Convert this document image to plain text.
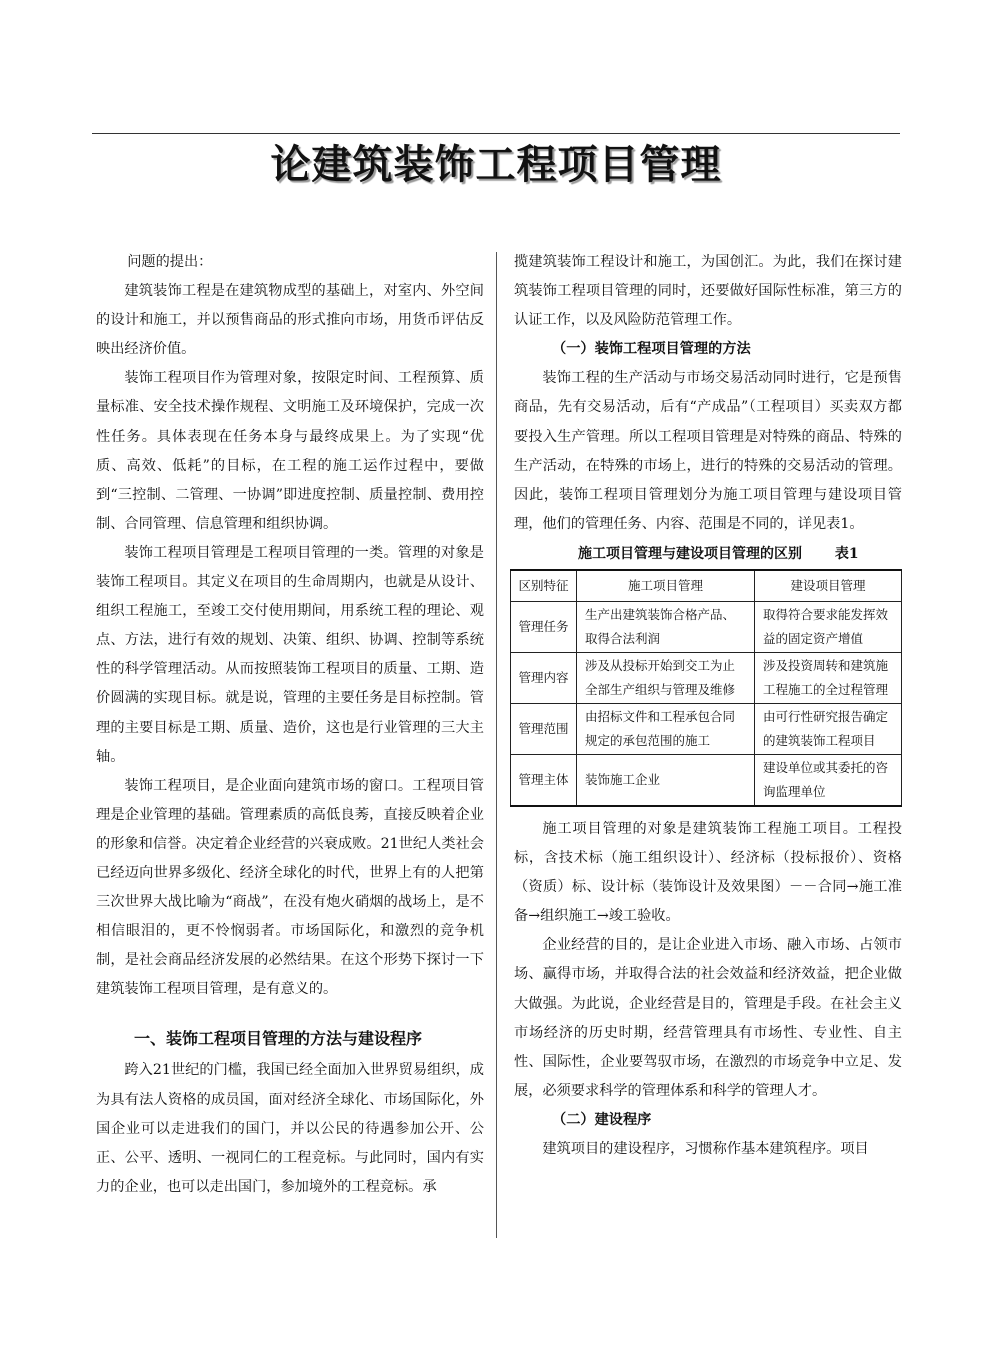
论建筑装饰工程项目管理

问题的提出：

建筑装饰工程是在建筑物成型的基础上，对室内、外空间的设计和施工，并以预售商品的形式推向市场，用货币评估反映出经济价值。

装饰工程项目作为管理对象，按限定时间、工程预算、质量标准、安全技术操作规程、文明施工及环境保护，完成一次性任务。具体表现在任务本身与最终成果上。为了实现“优质、高效、低耗”的目标，在工程的施工运作过程中，要做到“三控制、二管理、一协调”即进度控制、质量控制、费用控制、合同管理、信息管理和组织协调。

装饰工程项目管理是工程项目管理的一类。管理的对象是装饰工程项目。其定义在项目的生命周期内，也就是从设计、组织工程施工，至竣工交付使用期间，用系统工程的理论、观点、方法，进行有效的规划、决策、组织、协调、控制等系统性的科学管理活动。从而按照装饰工程项目的质量、工期、造价圆满的实现目标。就是说，管理的主要任务是目标控制。管理的主要目标是工期、质量、造价，这也是行业管理的三大主轴。

装饰工程项目，是企业面向建筑市场的窗口。工程项目管理是企业管理的基础。管理素质的高低良莠，直接反映着企业的形象和信誉。决定着企业经营的兴衰成败。21世纪人类社会已经迈向世界多级化、经济全球化的时代，世界上有的人把第三次世界大战比喻为“商战”，在没有炮火硝烟的战场上，是不相信眼泪的，更不怜悯弱者。市场国际化，和激烈的竞争机制，是社会商品经济发展的必然结果。在这个形势下探讨一下建筑装饰工程项目管理，是有意义的。

一、装饰工程项目管理的方法与建设程序

跨入21世纪的门槛，我国已经全面加入世界贸易组织，成为具有法人资格的成员国，面对经济全球化、市场国际化，外国企业可以走进我们的国门，并以公民的待遇参加公开、公正、公平、透明、一视同仁的工程竞标。与此同时，国内有实力的企业，也可以走出国门，参加境外的工程竞标。承

揽建筑装饰工程设计和施工，为国创汇。为此，我们在探讨建筑装饰工程项目管理的同时，还要做好国际性标准，第三方的认证工作，以及风险防范管理工作。

（一）装饰工程项目管理的方法

装饰工程的生产活动与市场交易活动同时进行，它是预售商品，先有交易活动，后有“产成品”（工程项目）买卖双方都要投入生产管理。所以工程项目管理是对特殊的商品、特殊的生产活动，在特殊的市场上，进行的特殊的交易活动的管理。因此，装饰工程项目管理划分为施工项目管理与建设项目管理，他们的管理任务、内容、范围是不同的，详见表1。

施工项目管理与建设项目管理的区别 表1

区别特征	施工项目管理	建设项目管理
管理任务	生产出建筑装饰合格产品、取得合法利润	取得符合要求能发挥效益的固定资产增值
管理内容	涉及从投标开始到交工为止全部生产组织与管理及维修	涉及投资周转和建筑施工程施工的全过程管理
管理范围	由招标文件和工程承包合同规定的承包范围的施工	由可行性研究报告确定的建筑装饰工程项目
管理主体	装饰施工企业	建设单位或其委托的咨询监理单位

施工项目管理的对象是建筑装饰工程施工项目。工程投标，含技术标（施工组织设计）、经济标（投标报价）、资格（资质）标、设计标（装饰设计及效果图）－－合同→施工准备→组织施工→竣工验收。

企业经营的目的，是让企业进入市场、融入市场、占领市场、赢得市场，并取得合法的社会效益和经济效益，把企业做大做强。为此说，企业经营是目的，管理是手段。在社会主义市场经济的历史时期，经营管理具有市场性、专业性、自主性、国际性，企业要驾驭市场，在激烈的市场竞争中立足、发展，必须要求科学的管理体系和科学的管理人才。

（二）建设程序

建筑项目的建设程序，习惯称作基本建筑程序。项目
